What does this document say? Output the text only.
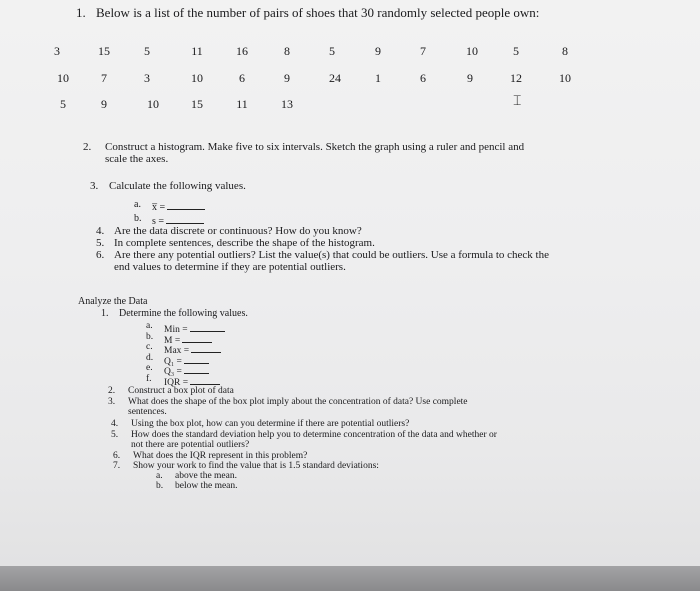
1. Below is a list of the number of pairs of shoes that 30 randomly selected people own:
3	15	5	11	16	8	5	9	7	10	5	8
10	7	3	10	6	9	24	1	6	9	12	10
5	9	10	15	11	13	⌶
2. Construct a histogram. Make five to six intervals. Sketch the graph using a ruler and pencil and
scale the axes.
3. Calculate the following values.
a. x̅ =
b. s =
4. Are the data discrete or continuous? How do you know?
5. In complete sentences, describe the shape of the histogram.
6. Are there any potential outliers? List the value(s) that could be outliers. Use a formula to check the
end values to determine if they are potential outliers.
Analyze the Data
1. Determine the following values.
a. Min =
b. M =
c. Max =
d. Q₁ =
e. Q₃ =
f. IQR =
2. Construct a box plot of data
3. What does the shape of the box plot imply about the concentration of data? Use complete
sentences.
4. Using the box plot, how can you determine if there are potential outliers?
5. How does the standard deviation help you to determine concentration of the data and whether or
not there are potential outliers?
6. What does the IQR represent in this problem?
7. Show your work to find the value that is 1.5 standard deviations:
a. above the mean.
b. below the mean.
